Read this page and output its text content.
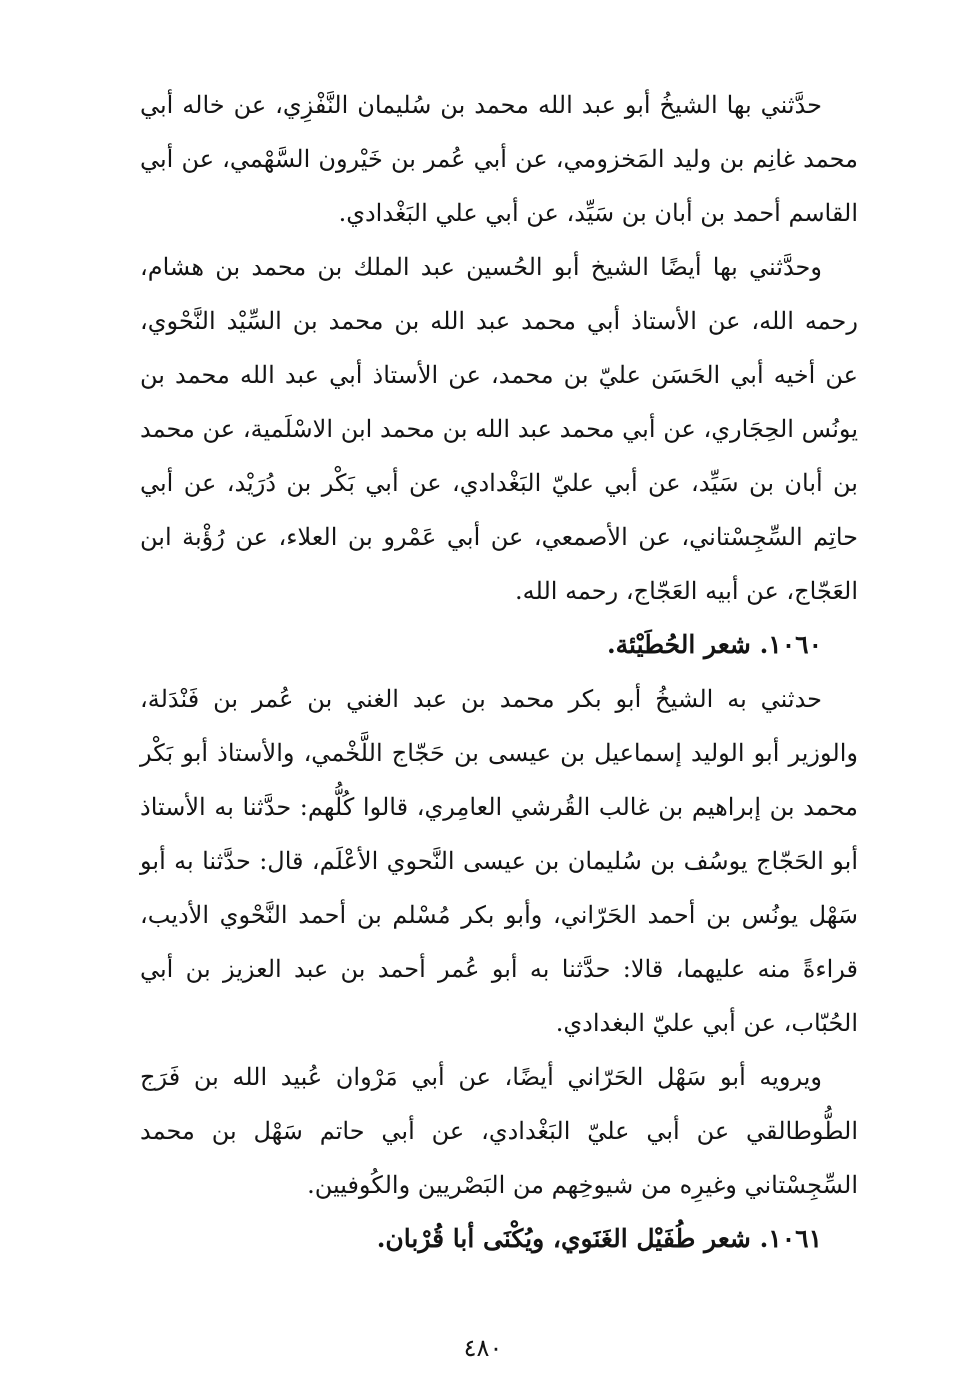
حدَّثني بها الشيخُ أبو عبد الله محمد بن سُليمان النَّفْزِي، عن خاله أبي محمد غانِم بن وليد المَخزومي، عن أبي عُمر بن خَيْرون السَّهْمي، عن أبي القاسم أحمد بن أبان بن سَيِّد، عن أبي علي البَغْدادي.

وحدَّثني بها أيضًا الشيخ أبو الحُسين عبد الملك بن محمد بن هشام، رحمه الله، عن الأستاذ أبي محمد عبد الله بن محمد بن السِّيْد النَّحْوي، عن أخيه أبي الحَسَن عليّ بن محمد، عن الأستاذ أبي عبد الله محمد بن يونُس الحِجَاري، عن أبي محمد عبد الله بن محمد ابن الاسْلَمية، عن محمد بن أبان بن سَيِّد، عن أبي عليّ البَغْدادي، عن أبي بَكْر بن دُرَيْد، عن أبي حاتِم السِّجِسْتاني، عن الأصمعي، عن أبي عَمْرو بن العلاء، عن رُؤْبة ابن العَجّاج، عن أبيه العَجّاج، رحمه الله.

١٠٦٠. شعر الحُطَيْئة.

حدثني به الشيخُ أبو بكر محمد بن عبد الغني بن عُمر بن فَنْدَلة، والوزير أبو الوليد إسماعيل بن عيسى بن حَجّاج اللَّخْمي، والأستاذ أبو بَكْر محمد بن إبراهيم بن غالب القُرشي العامِري، قالوا كُلُّهم: حدَّثنا به الأستاذ أبو الحَجّاج يوسُف بن سُليمان بن عيسى النَّحوي الأعْلَم، قال: حدَّثنا به أبو سَهْل يونُس بن أحمد الحَرّاني، وأبو بكر مُسْلم بن أحمد النَّحْوي الأديب، قراءةً منه عليهما، قالا: حدَّثنا به أبو عُمر أحمد بن عبد العزيز بن أبي الحُبّاب، عن أبي عليّ البغدادي.

ويرويه أبو سَهْل الحَرّاني أيضًا، عن أبي مَرْوان عُبيد الله بن فَرَج الطُّوطالقي عن أبي عليّ البَغْدادي، عن أبي حاتم سَهْل بن محمد السِّجِسْتاني وغيرِه من شيوخِهم من البَصْريين والكُوفيين.

١٠٦١. شعر طُفَيْل الغَنَوي، ويُكْنَى أبا قُرْبان.

٤٨٠
